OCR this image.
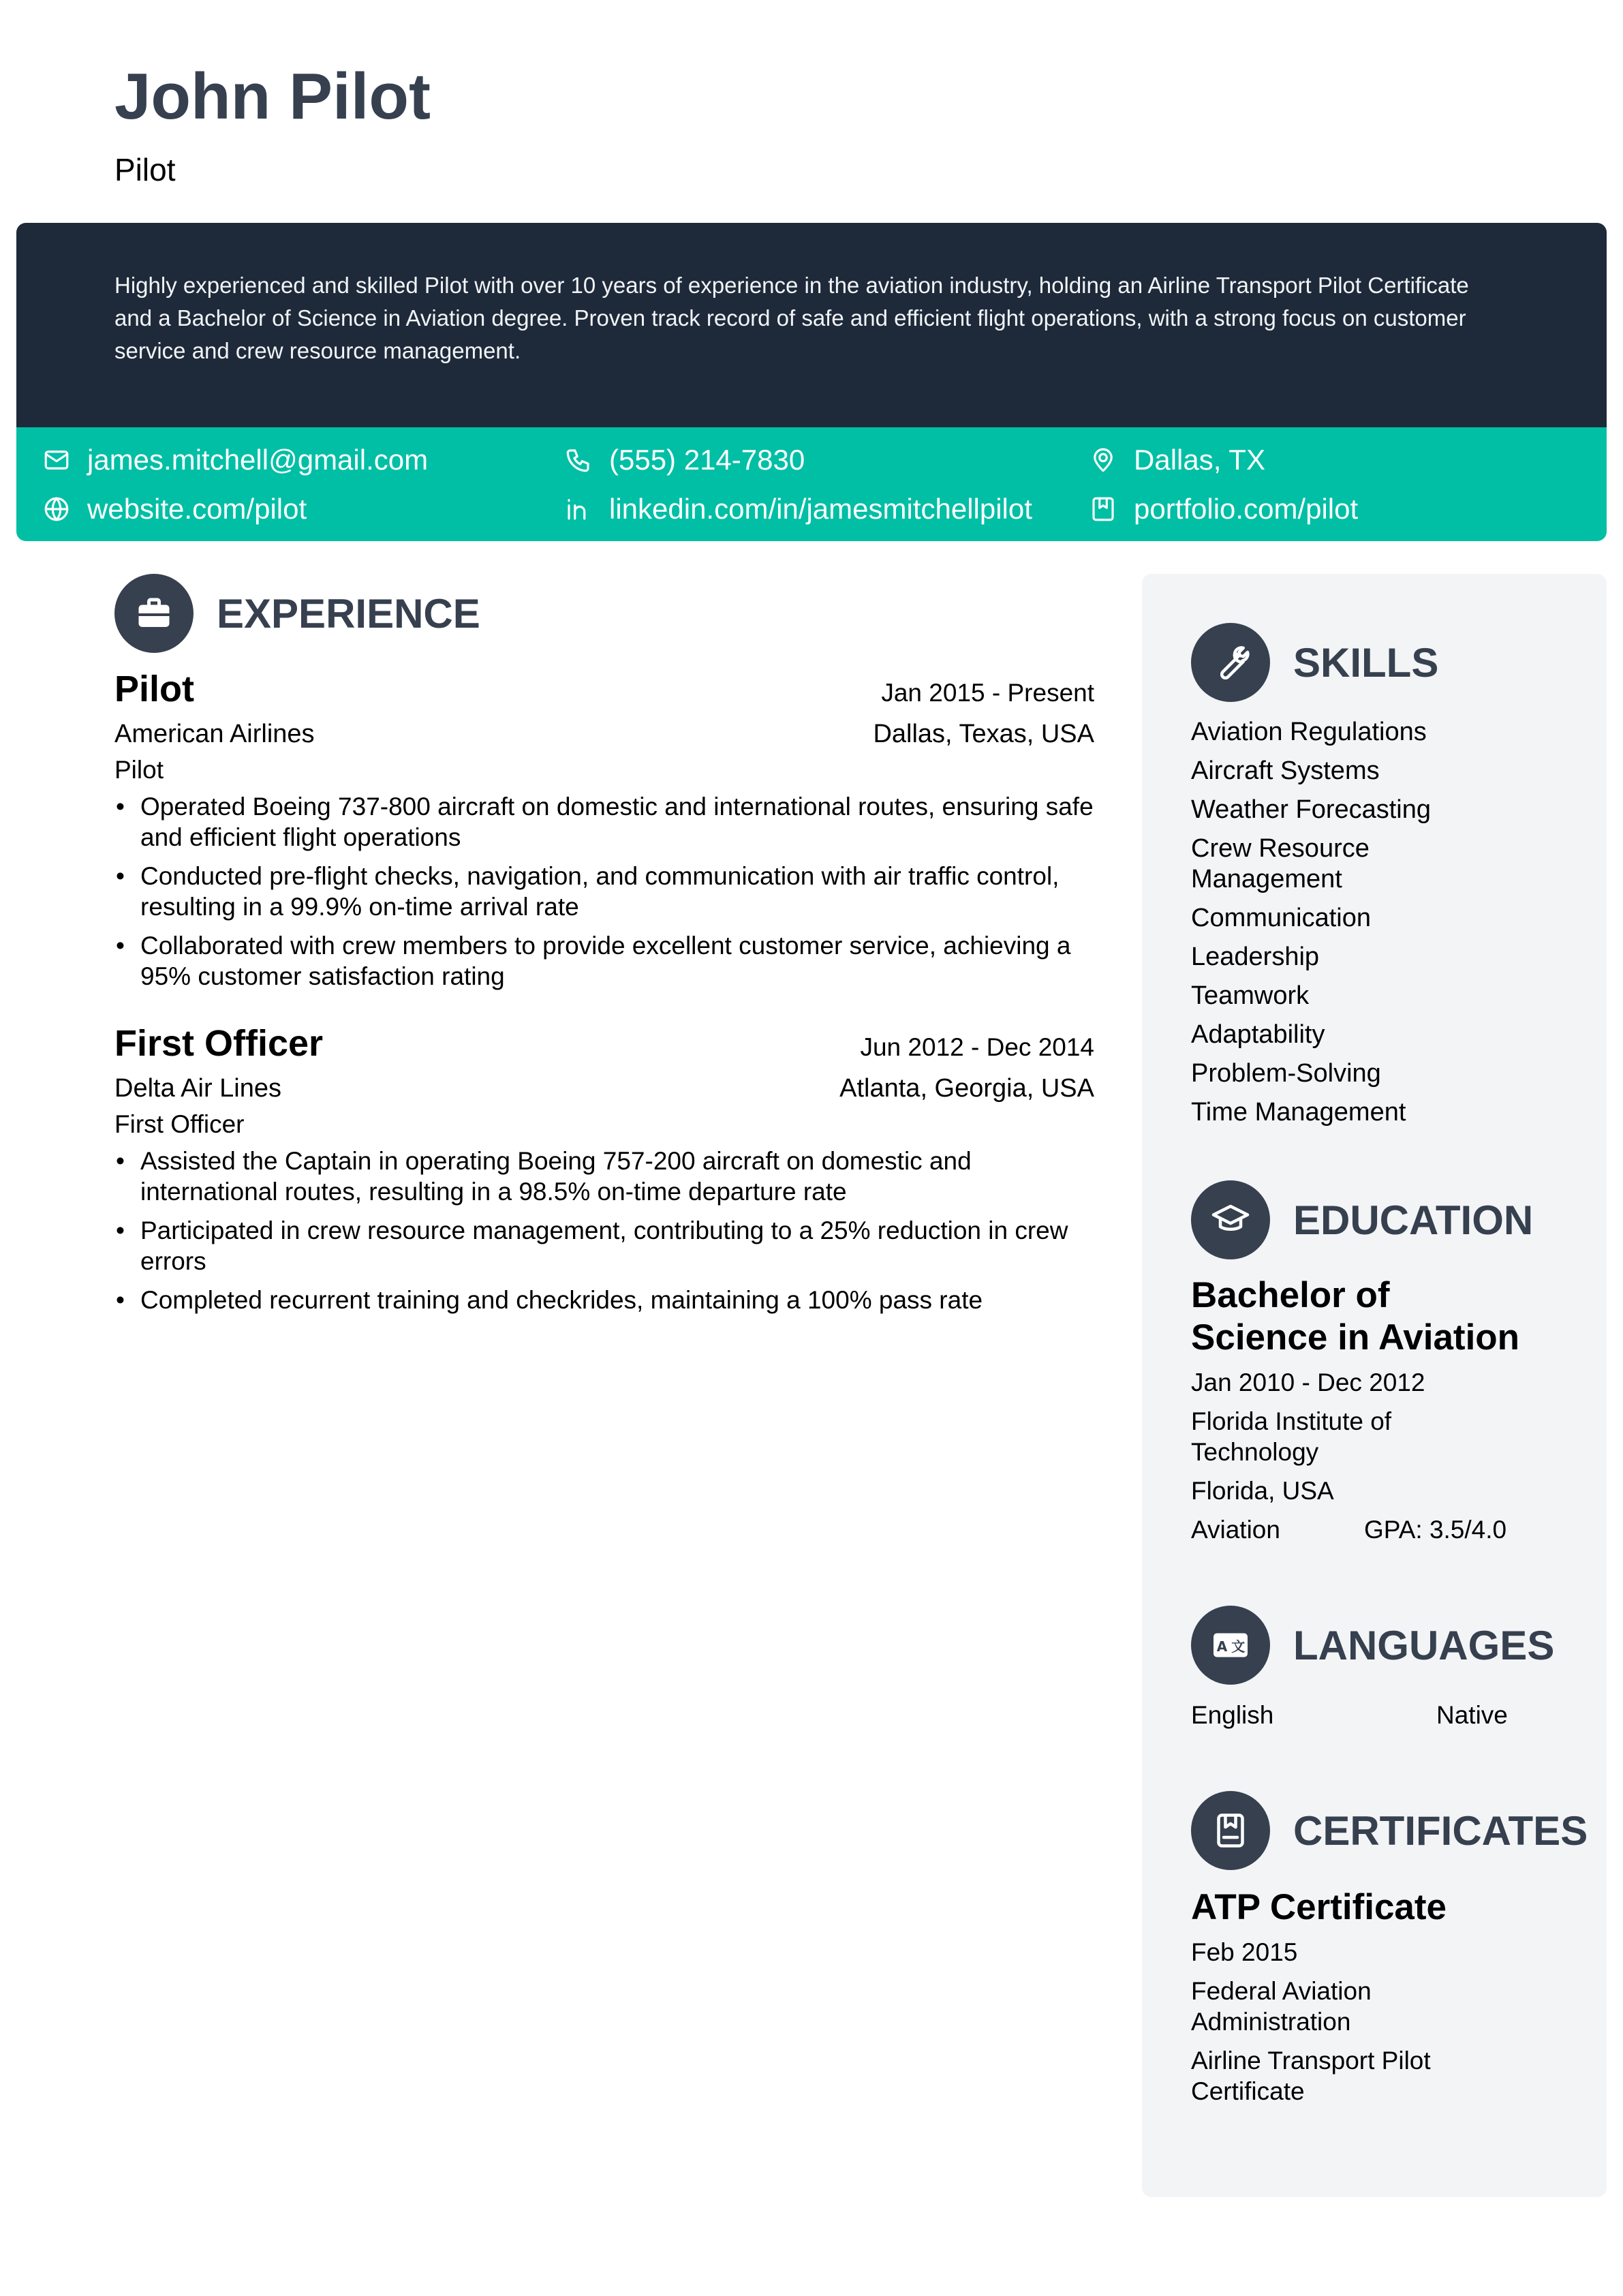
John Pilot
Pilot
Highly experienced and skilled Pilot with over 10 years of experience in the aviation industry, holding an Airline Transport Pilot Certificate and a Bachelor of Science in Aviation degree. Proven track record of safe and efficient flight operations, with a strong focus on customer service and crew resource management.
james.mitchell@gmail.com	(555) 214-7830	Dallas, TX
website.com/pilot	linkedin.com/in/jamesmitchellpilot	portfolio.com/pilot
EXPERIENCE
Pilot	Jan 2015 - Present
American Airlines	Dallas, Texas, USA
Pilot
• Operated Boeing 737-800 aircraft on domestic and international routes, ensuring safe and efficient flight operations
• Conducted pre-flight checks, navigation, and communication with air traffic control, resulting in a 99.9% on-time arrival rate
• Collaborated with crew members to provide excellent customer service, achieving a 95% customer satisfaction rating
First Officer	Jun 2012 - Dec 2014
Delta Air Lines	Atlanta, Georgia, USA
First Officer
• Assisted the Captain in operating Boeing 757-200 aircraft on domestic and international routes, resulting in a 98.5% on-time departure rate
• Participated in crew resource management, contributing to a 25% reduction in crew errors
• Completed recurrent training and checkrides, maintaining a 100% pass rate
SKILLS
Aviation Regulations
Aircraft Systems
Weather Forecasting
Crew Resource Management
Communication
Leadership
Teamwork
Adaptability
Problem-Solving
Time Management
EDUCATION
Bachelor of Science in Aviation
Jan 2010 - Dec 2012
Florida Institute of Technology
Florida, USA
Aviation	GPA: 3.5/4.0
A 文 LANGUAGES
English	Native
CERTIFICATES
ATP Certificate
Feb 2015
Federal Aviation Administration
Airline Transport Pilot Certificate
